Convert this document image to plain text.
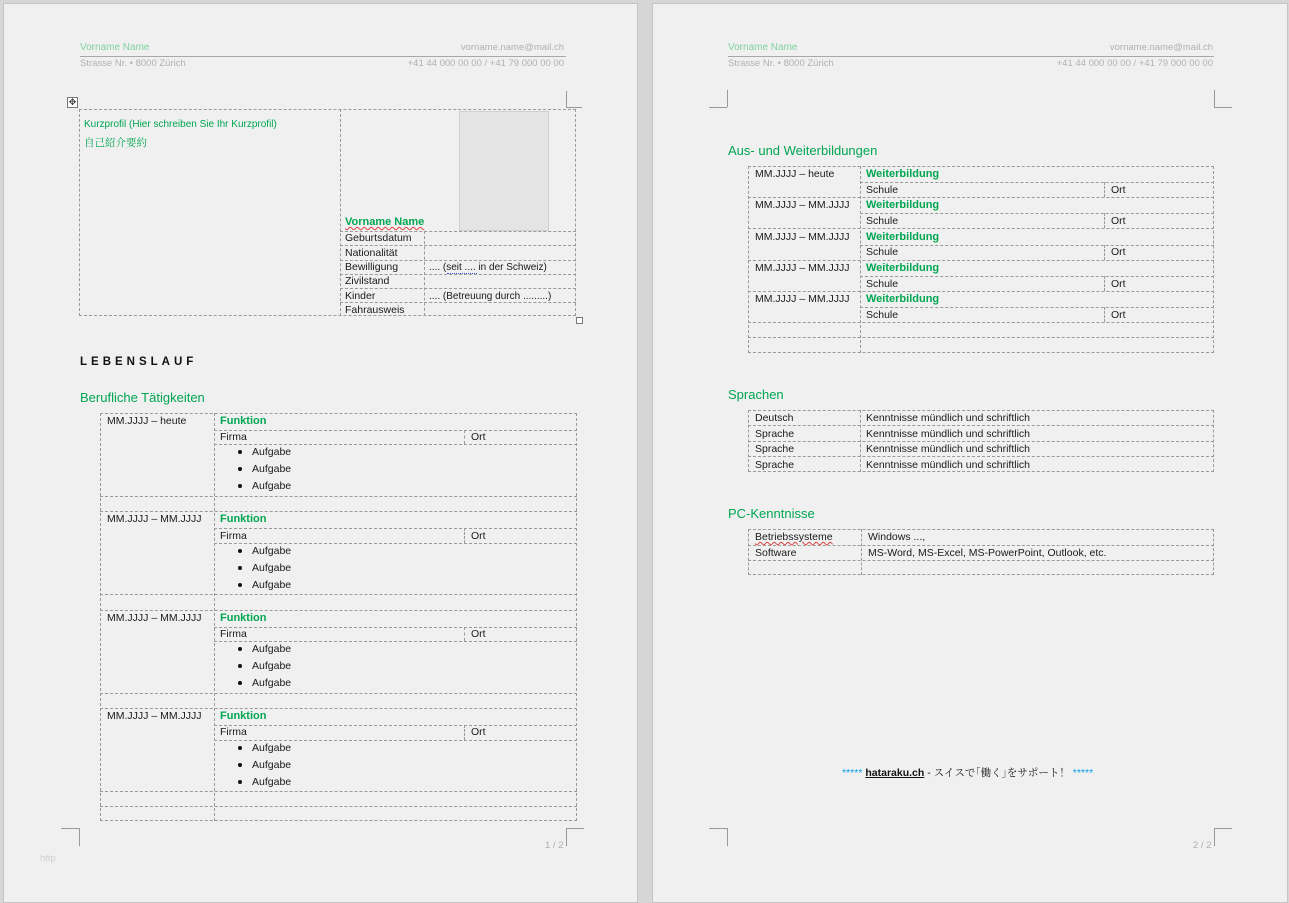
Vorname Name	vorname.name@mail.ch
Strasse Nr. • 8000 Zürich	+41 44 000 00 00 / +41 79 000 00 00
✥
Kurzprofil (Hier schreiben Sie Ihr Kurzprofil)
自己紹介要約
Vorname Name
Geburtsdatum
Nationalität
Bewilligung	.... (seit .... in der Schweiz)
Zivilstand
Kinder	.... (Betreuung durch .........)
Fahrausweis
LEBENSLAUF
Berufliche Tätigkeiten
MM.JJJJ – heute	Funktion
Firma	Ort
Aufgabe
Aufgabe
Aufgabe
MM.JJJJ – MM.JJJJ Funktion
Firma	Ort
Aufgabe
Aufgabe
Aufgabe
MM.JJJJ – MM.JJJJ Funktion
Firma	Ort
Aufgabe
Aufgabe
Aufgabe
MM.JJJJ – MM.JJJJ Funktion
Firma	Ort
Aufgabe
Aufgabe
Aufgabe
1 / 2
http
Vorname Name	vorname.name@mail.ch
Strasse Nr. • 8000 Zürich	+41 44 000 00 00 / +41 79 000 00 00
Aus- und Weiterbildungen
MM.JJJJ – heute	Weiterbildung
Schule	Ort
MM.JJJJ – MM.JJJJ Weiterbildung
Schule	Ort
MM.JJJJ – MM.JJJJ Weiterbildung
Schule	Ort
MM.JJJJ – MM.JJJJ Weiterbildung
Schule	Ort
MM.JJJJ – MM.JJJJ Weiterbildung
Schule	Ort
Sprachen
Deutsch	Kenntnisse mündlich und schriftlich
Sprache	Kenntnisse mündlich und schriftlich
Sprache	Kenntnisse mündlich und schriftlich
Sprache	Kenntnisse mündlich und schriftlich
PC-Kenntnisse
Betriebssysteme	Windows ...,
Software	MS-Word, MS-Excel, MS-PowerPoint, Outlook, etc.
***** hataraku.ch - スイスで｢働く｣をサポート！ *****
2 / 2
